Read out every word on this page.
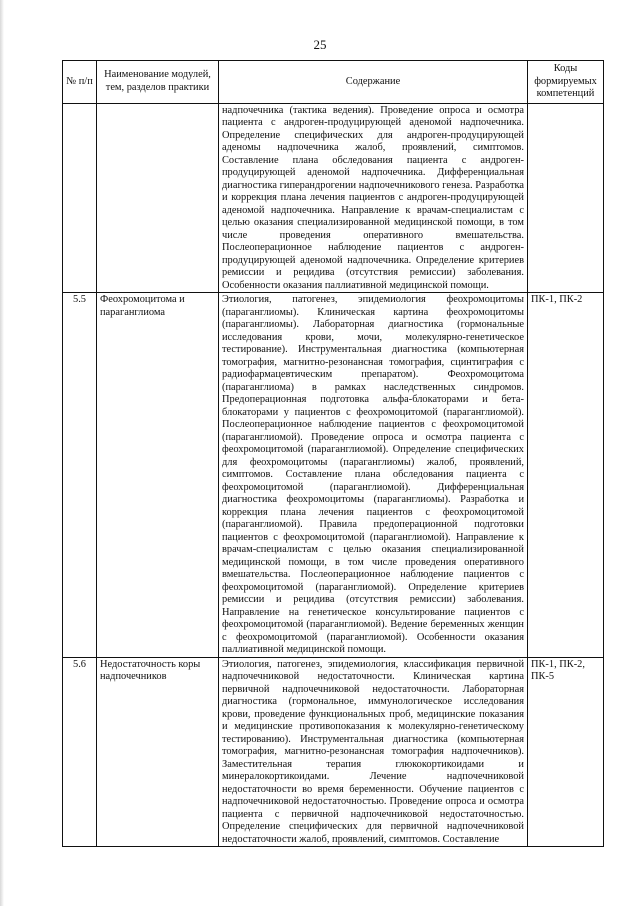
25
№ п/п	Наименование модулей, тем, разделов практики	Содержание	Коды формируемых компетенций
		надпочечника (тактика ведения). Проведение опроса и осмотра пациента с андроген-продуцирующей аденомой надпочечника. Определение специфических для андроген-продуцирующей аденомы надпочечника жалоб, проявлений, симптомов. Составление плана обследования пациента с андроген-продуцирующей аденомой надпочечника. Дифференциальная диагностика гиперандрогении надпочечникового генеза. Разработка и коррекция плана лечения пациентов с андроген-продуцирующей аденомой надпочечника. Направление к врачам-специалистам с целью оказания специализированной медицинской помощи, в том числе проведения оперативного вмешательства. Послеоперационное наблюдение пациентов с андроген-продуцирующей аденомой надпочечника. Определение критериев ремиссии и рецидива (отсутствия ремиссии) заболевания. Особенности оказания паллиативной медицинской помощи.	
5.5	Феохромоцитома и параганглиома	Этиология, патогенез, эпидемиология феохромоцитомы (параганглиомы). Клиническая картина феохромоцитомы (параганглиомы). Лабораторная диагностика (гормональные исследования крови, мочи, молекулярно-генетическое тестирование). Инструментальная диагностика (компьютерная томография, магнитно-резонансная томография, сцинтиграфия с радиофармацевтическим препаратом). Феохромоцитома (параганглиома) в рамках наследственных синдромов. Предоперационная подготовка альфа-блокаторами и бета-блокаторами у пациентов с феохромоцитомой (параганглиомой). Послеоперационное наблюдение пациентов с феохромоцитомой (параганглиомой). Проведение опроса и осмотра пациента с феохромоцитомой (параганглиомой). Определение специфических для феохромоцитомы (параганглиомы) жалоб, проявлений, симптомов. Составление плана обследования пациента с феохромоцитомой (параганглиомой). Дифференциальная диагностика феохромоцитомы (параганглиомы). Разработка и коррекция плана лечения пациентов с феохромоцитомой (параганглиомой). Правила предоперационной подготовки пациентов с феохромоцитомой (параганглиомой). Направление к врачам-специалистам с целью оказания специализированной медицинской помощи, в том числе проведения оперативного вмешательства. Послеоперационное наблюдение пациентов с феохромоцитомой (параганглиомой). Определение критериев ремиссии и рецидива (отсутствия ремиссии) заболевания. Направление на генетическое консультирование пациентов с феохромоцитомой (параганглиомой). Ведение беременных женщин с феохромоцитомой (параганглиомой). Особенности оказания паллиативной медицинской помощи.	ПК-1, ПК-2
5.6	Недостаточность коры надпочечников	Этиология, патогенез, эпидемиология, классификация первичной надпочечниковой недостаточности. Клиническая картина первичной надпочечниковой недостаточности. Лабораторная диагностика (гормональное, иммунологическое исследования крови, проведение функциональных проб, медицинские показания и медицинские противопоказания к молекулярно-генетическому тестированию). Инструментальная диагностика (компьютерная томография, магнитно-резонансная томография надпочечников). Заместительная терапия глюкокортикоидами и минералокортикоидами. Лечение надпочечниковой недостаточности во время беременности. Обучение пациентов с надпочечниковой недостаточностью. Проведение опроса и осмотра пациента с первичной надпочечниковой недостаточностью. Определение специфических для первичной надпочечниковой недостаточности жалоб, проявлений, симптомов. Составление	ПК-1, ПК-2, ПК-5
